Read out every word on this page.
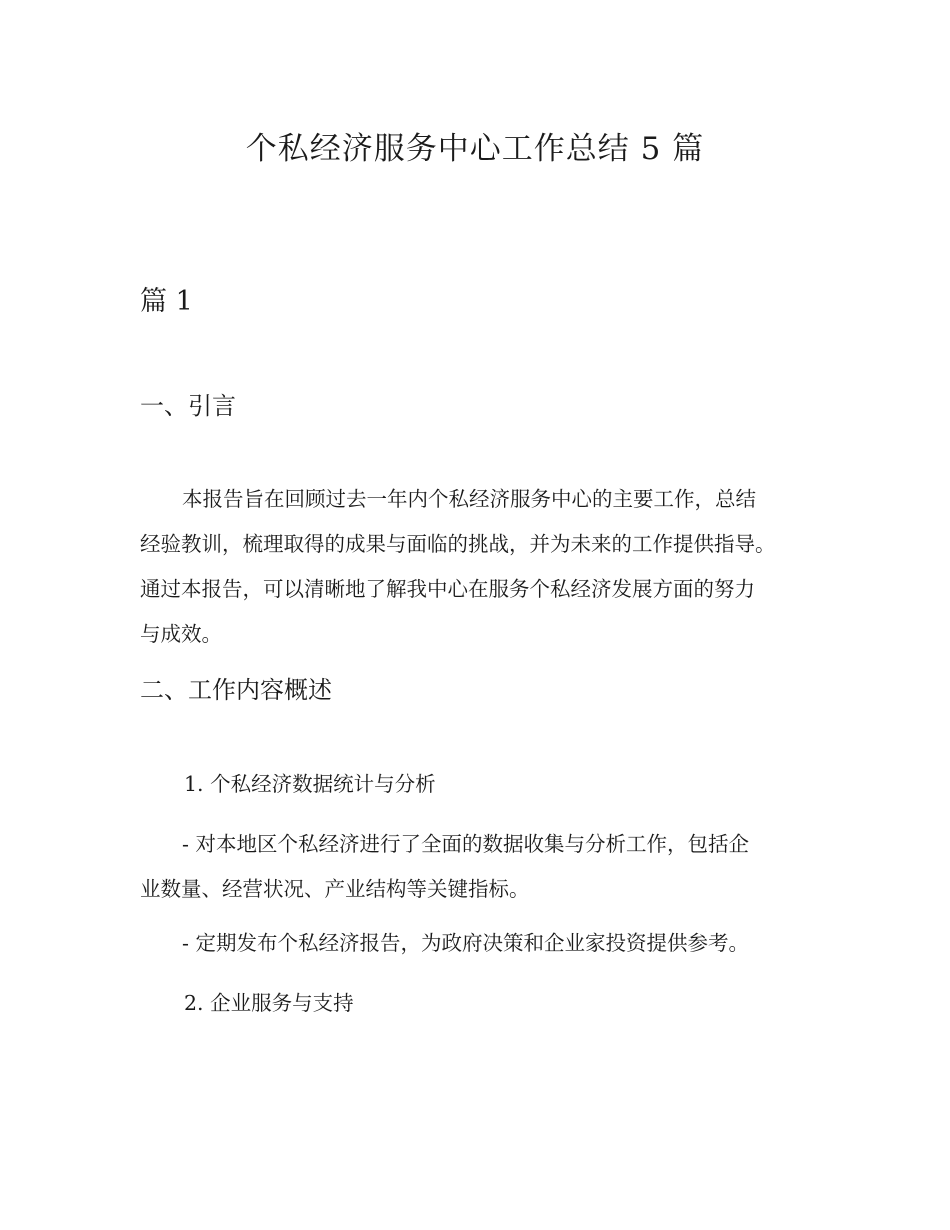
个私经济服务中心工作总结 5 篇
篇 1
一、引言
本报告旨在回顾过去一年内个私经济服务中心的主要工作，总结
经验教训，梳理取得的成果与面临的挑战，并为未来的工作提供指导。
通过本报告，可以清晰地了解我中心在服务个私经济发展方面的努力
与成效。
二、工作内容概述
1. 个私经济数据统计与分析
- 对本地区个私经济进行了全面的数据收集与分析工作，包括企
业数量、经营状况、产业结构等关键指标。
- 定期发布个私经济报告，为政府决策和企业家投资提供参考。
2. 企业服务与支持
